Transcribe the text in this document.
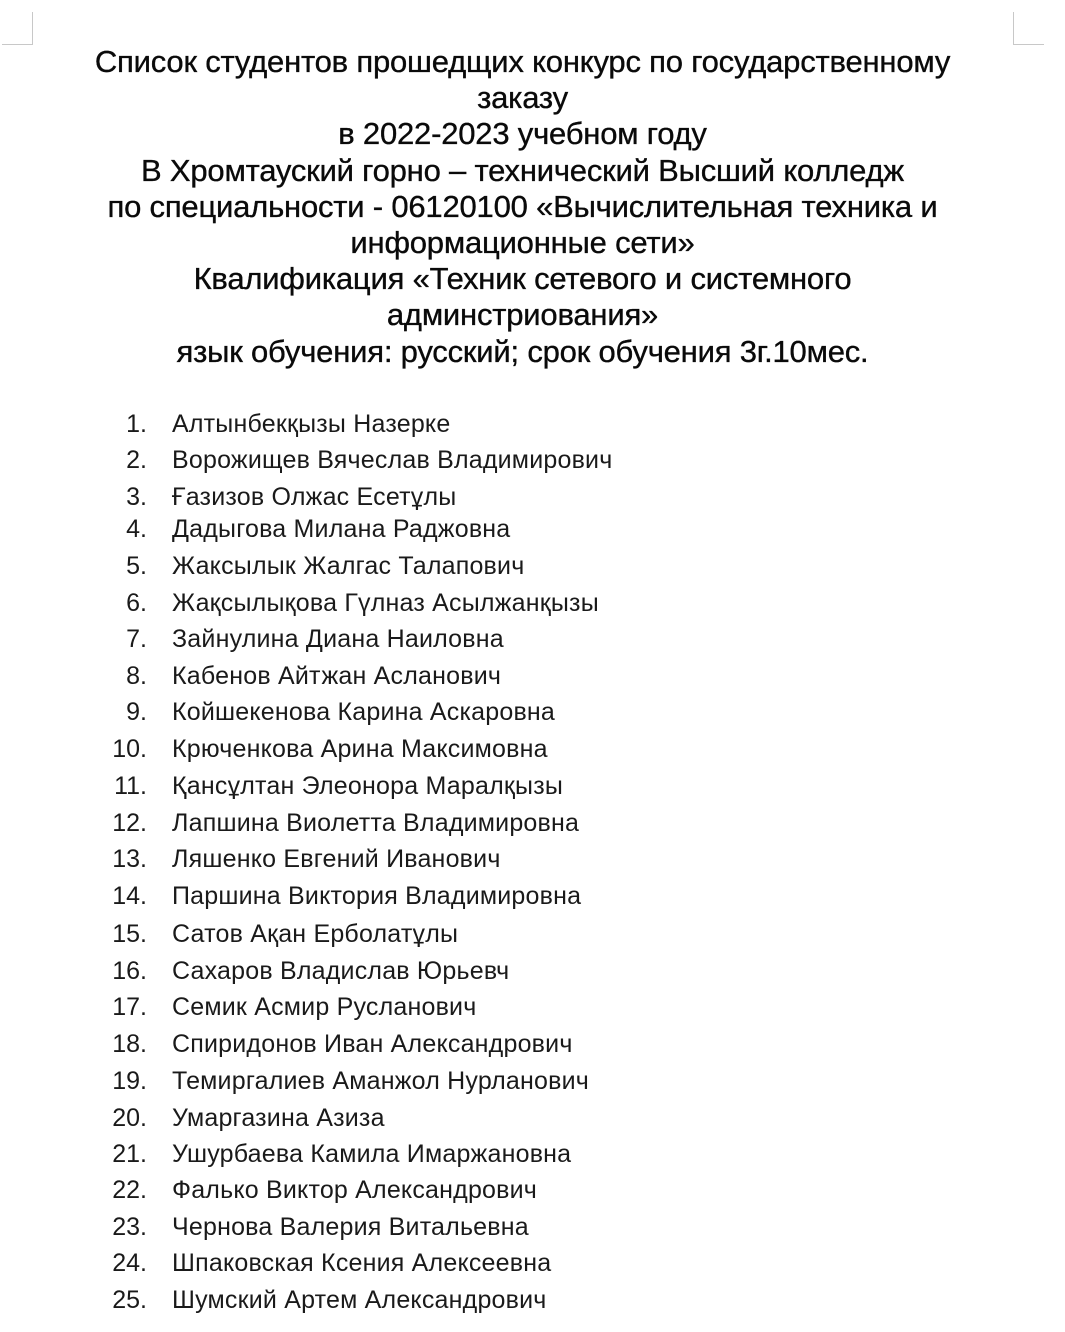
Список студентов прошедщих конкурс по государственному
заказу
в 2022-2023 учебном году
В Хромтауский горно – технический Высший колледж
по специальности - 06120100 «Вычислительная техника и
информационные сети»
Квалификация «Техник сетевого и системного
админстриования»
язык обучения: русский; срок обучения 3г.10мес.
1. Алтынбекқызы Назерке
2. Ворожищев Вячеслав Владимирович
3. Ғазизов Олжас Есетұлы
4. Дадыгова Милана Раджовна
5. Жаксылык Жалгас Талапович
6. Жақсылықова Гүлназ Асылжанқызы
7. Зайнулина Диана Наиловна
8. Кабенов Айтжан Асланович
9. Койшекенова Карина Аскаровна
10. Крюченкова Арина Максимовна
11. Қансұлтан Элеонора Маралқызы
12. Лапшина Виолетта Владимировна
13. Ляшенко Евгений Иванович
14. Паршина Виктория Владимировна
15. Сатов Ақан Ерболатұлы
16. Сахаров Владислав Юрьевч
17. Семик Асмир Русланович
18. Спиридонов Иван Александрович
19. Темиргалиев Аманжол Нурланович
20. Умаргазина Азиза
21. Ушурбаева Камила Имаржановна
22. Фалько Виктор Александрович
23. Чернова Валерия Витальевна
24. Шпаковская Ксения Алексеевна
25. Шумский Артем Александрович
